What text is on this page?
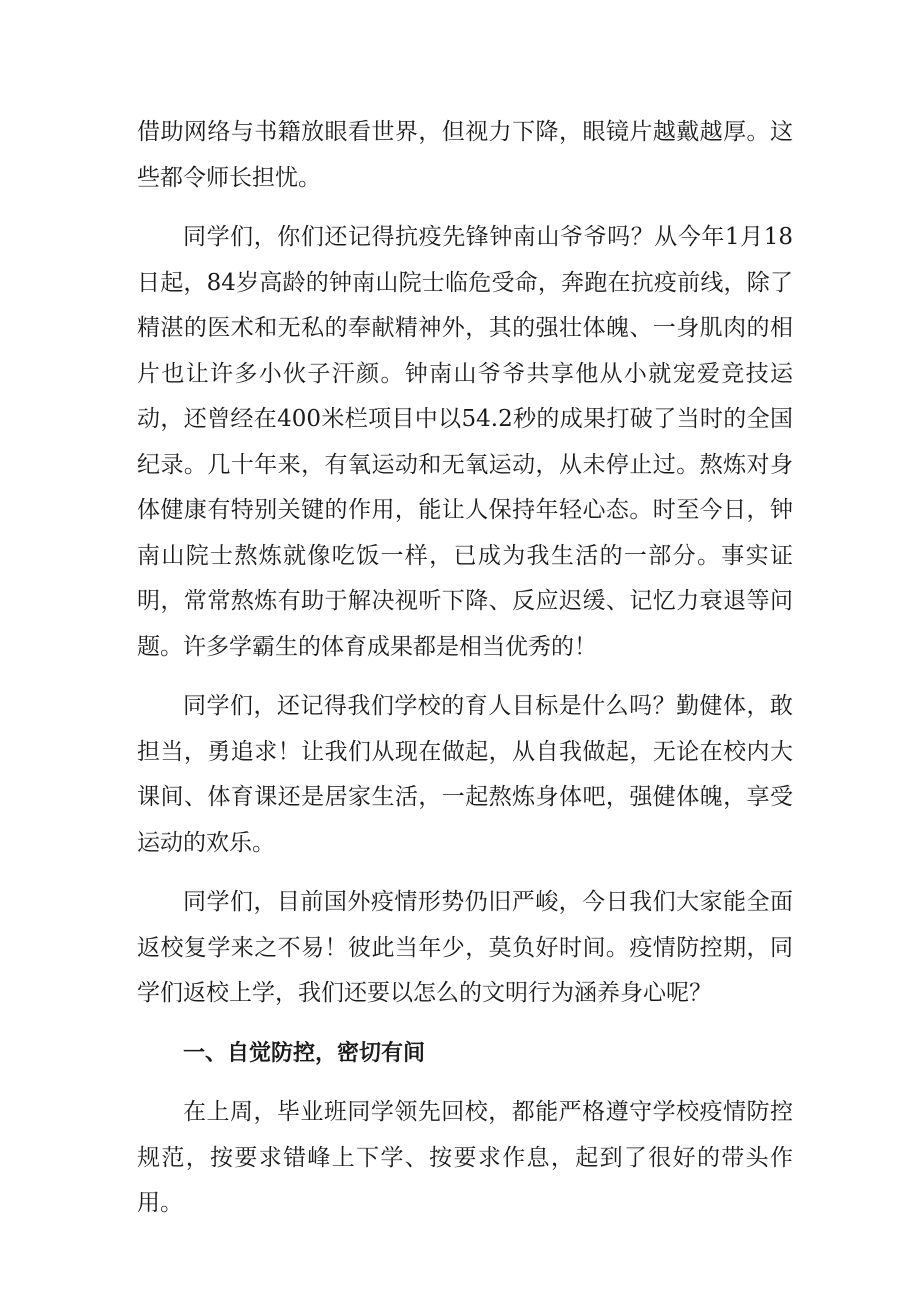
借助网络与书籍放眼看世界，但视力下降，眼镜片越戴越厚。这些都令师长担忧。

同学们，你们还记得抗疫先锋钟南山爷爷吗？从今年1月18日起，84岁高龄的钟南山院士临危受命，奔跑在抗疫前线，除了精湛的医术和无私的奉献精神外，其的强壮体魄、一身肌肉的相片也让许多小伙子汗颜。钟南山爷爷共享他从小就宠爱竞技运动，还曾经在400米栏项目中以54.2秒的成果打破了当时的全国纪录。几十年来，有氧运动和无氧运动，从未停止过。熬炼对身体健康有特别关键的作用，能让人保持年轻心态。时至今日，钟南山院士熬炼就像吃饭一样，已成为我生活的一部分。事实证明，常常熬炼有助于解决视听下降、反应迟缓、记忆力衰退等问题。许多学霸生的体育成果都是相当优秀的！

同学们，还记得我们学校的育人目标是什么吗？勤健体，敢担当，勇追求！让我们从现在做起，从自我做起，无论在校内大课间、体育课还是居家生活，一起熬炼身体吧，强健体魄，享受运动的欢乐。

同学们，目前国外疫情形势仍旧严峻，今日我们大家能全面返校复学来之不易！彼此当年少，莫负好时间。疫情防控期，同学们返校上学，我们还要以怎么的文明行为涵养身心呢？

一、自觉防控，密切有间

在上周，毕业班同学领先回校，都能严格遵守学校疫情防控规范，按要求错峰上下学、按要求作息，起到了很好的带头作用。
